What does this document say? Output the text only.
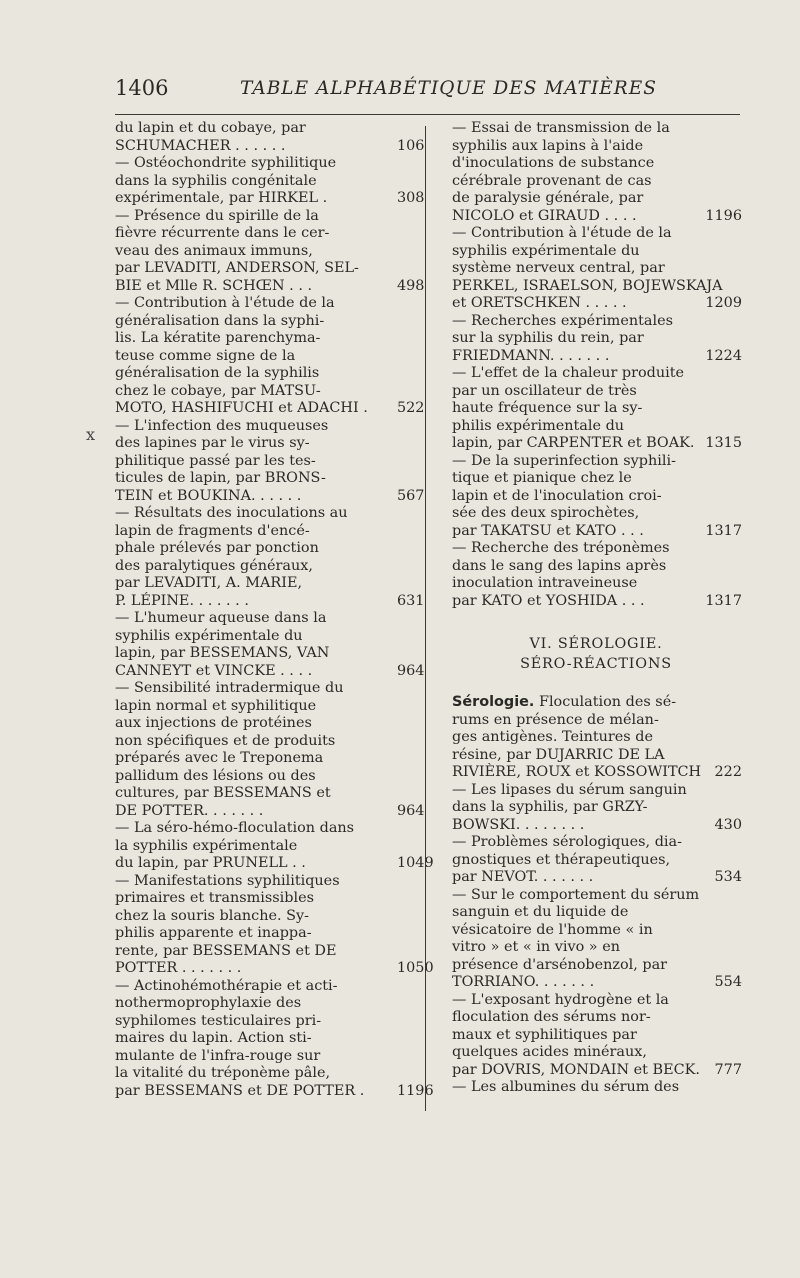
1406	TABLE ALPHABÉTIQUE DES MATIÈRES
x
du lapin et du cobaye, par
SCHUMACHER . . . . . .	106
— Ostéochondrite syphilitique
dans la syphilis congénitale
expérimentale, par HIRKEL .	308
— Présence du spirille de la
fièvre récurrente dans le cer-
veau des animaux immuns,
par LEVADITI, ANDERSON, SEL-
BIE et Mlle R. SCHŒN . . .	498
— Contribution à l'étude de la
généralisation dans la syphi-
lis. La kératite parenchyma-
teuse comme signe de la
généralisation de la syphilis
chez le cobaye, par MATSU-
MOTO, HASHIFUCHI et ADACHI .	522
— L'infection des muqueuses
des lapines par le virus sy-
philitique passé par les tes-
ticules de lapin, par BRONS-
TEIN et BOUKINA. . . . . .	567
— Résultats des inoculations au
lapin de fragments d'encé-
phale prélevés par ponction
des paralytiques généraux,
par LEVADITI, A. MARIE,
P. LÉPINE. . . . . . .	631
— L'humeur aqueuse dans la
syphilis expérimentale du
lapin, par BESSEMANS, VAN
CANNEYT et VINCKE . . . .	964
— Sensibilité intradermique du
lapin normal et syphilitique
aux injections de protéines
non spécifiques et de produits
préparés avec le Treponema
pallidum des lésions ou des
cultures, par BESSEMANS et
DE POTTER. . . . . . .	964
— La séro-hémo-floculation dans
la syphilis expérimentale
du lapin, par PRUNELL . .	1049
— Manifestations syphilitiques
primaires et transmissibles
chez la souris blanche. Sy-
philis apparente et inappa-
rente, par BESSEMANS et DE
POTTER . . . . . . .	1050
— Actinohémothérapie et acti-
nothermoprophylaxie des
syphilomes testiculaires pri-
maires du lapin. Action sti-
mulante de l'infra-rouge sur
la vitalité du tréponème pâle,
par BESSEMANS et DE POTTER .	1196
— Essai de transmission de la
syphilis aux lapins à l'aide
d'inoculations de substance
cérébrale provenant de cas
de paralysie générale, par
NICOLO et GIRAUD . . . .	1196
— Contribution à l'étude de la
syphilis expérimentale du
système nerveux central, par
PERKEL, ISRAELSON, BOJEWSKAJA
et ORETSCHKEN . . . . .	1209
— Recherches expérimentales
sur la syphilis du rein, par
FRIEDMANN. . . . . . .	1224
— L'effet de la chaleur produite
par un oscillateur de très
haute fréquence sur la sy-
philis expérimentale du
lapin, par CARPENTER et BOAK. 1315
— De la superinfection syphili-
tique et pianique chez le
lapin et de l'inoculation croi-
sée des deux spirochètes,
par TAKATSU et KATO . . .	1317
— Recherche des tréponèmes
dans le sang des lapins après
inoculation intraveineuse
par KATO et YOSHIDA . . .	1317
VI. SÉROLOGIE.
SÉRO-RÉACTIONS
Sérologie. Floculation des sé-
rums en présence de mélan-
ges antigènes. Teintures de
résine, par DUJARRIC DE LA
RIVIÈRE, ROUX et KOSSOWITCH 222
— Les lipases du sérum sanguin
dans la syphilis, par GRZY-
BOWSKI. . . . . . . .	430
— Problèmes sérologiques, dia-
gnostiques et thérapeutiques,
par NEVOT. . . . . . .	534
— Sur le comportement du sérum
sanguin et du liquide de
vésicatoire de l'homme « in
vitro » et « in vivo » en
présence d'arsénobenzol, par
TORRIANO. . . . . . .	554
— L'exposant hydrogène et la
floculation des sérums nor-
maux et syphilitiques par
quelques acides minéraux,
par DOVRIS, MONDAIN et BECK.	777
— Les albumines du sérum des
